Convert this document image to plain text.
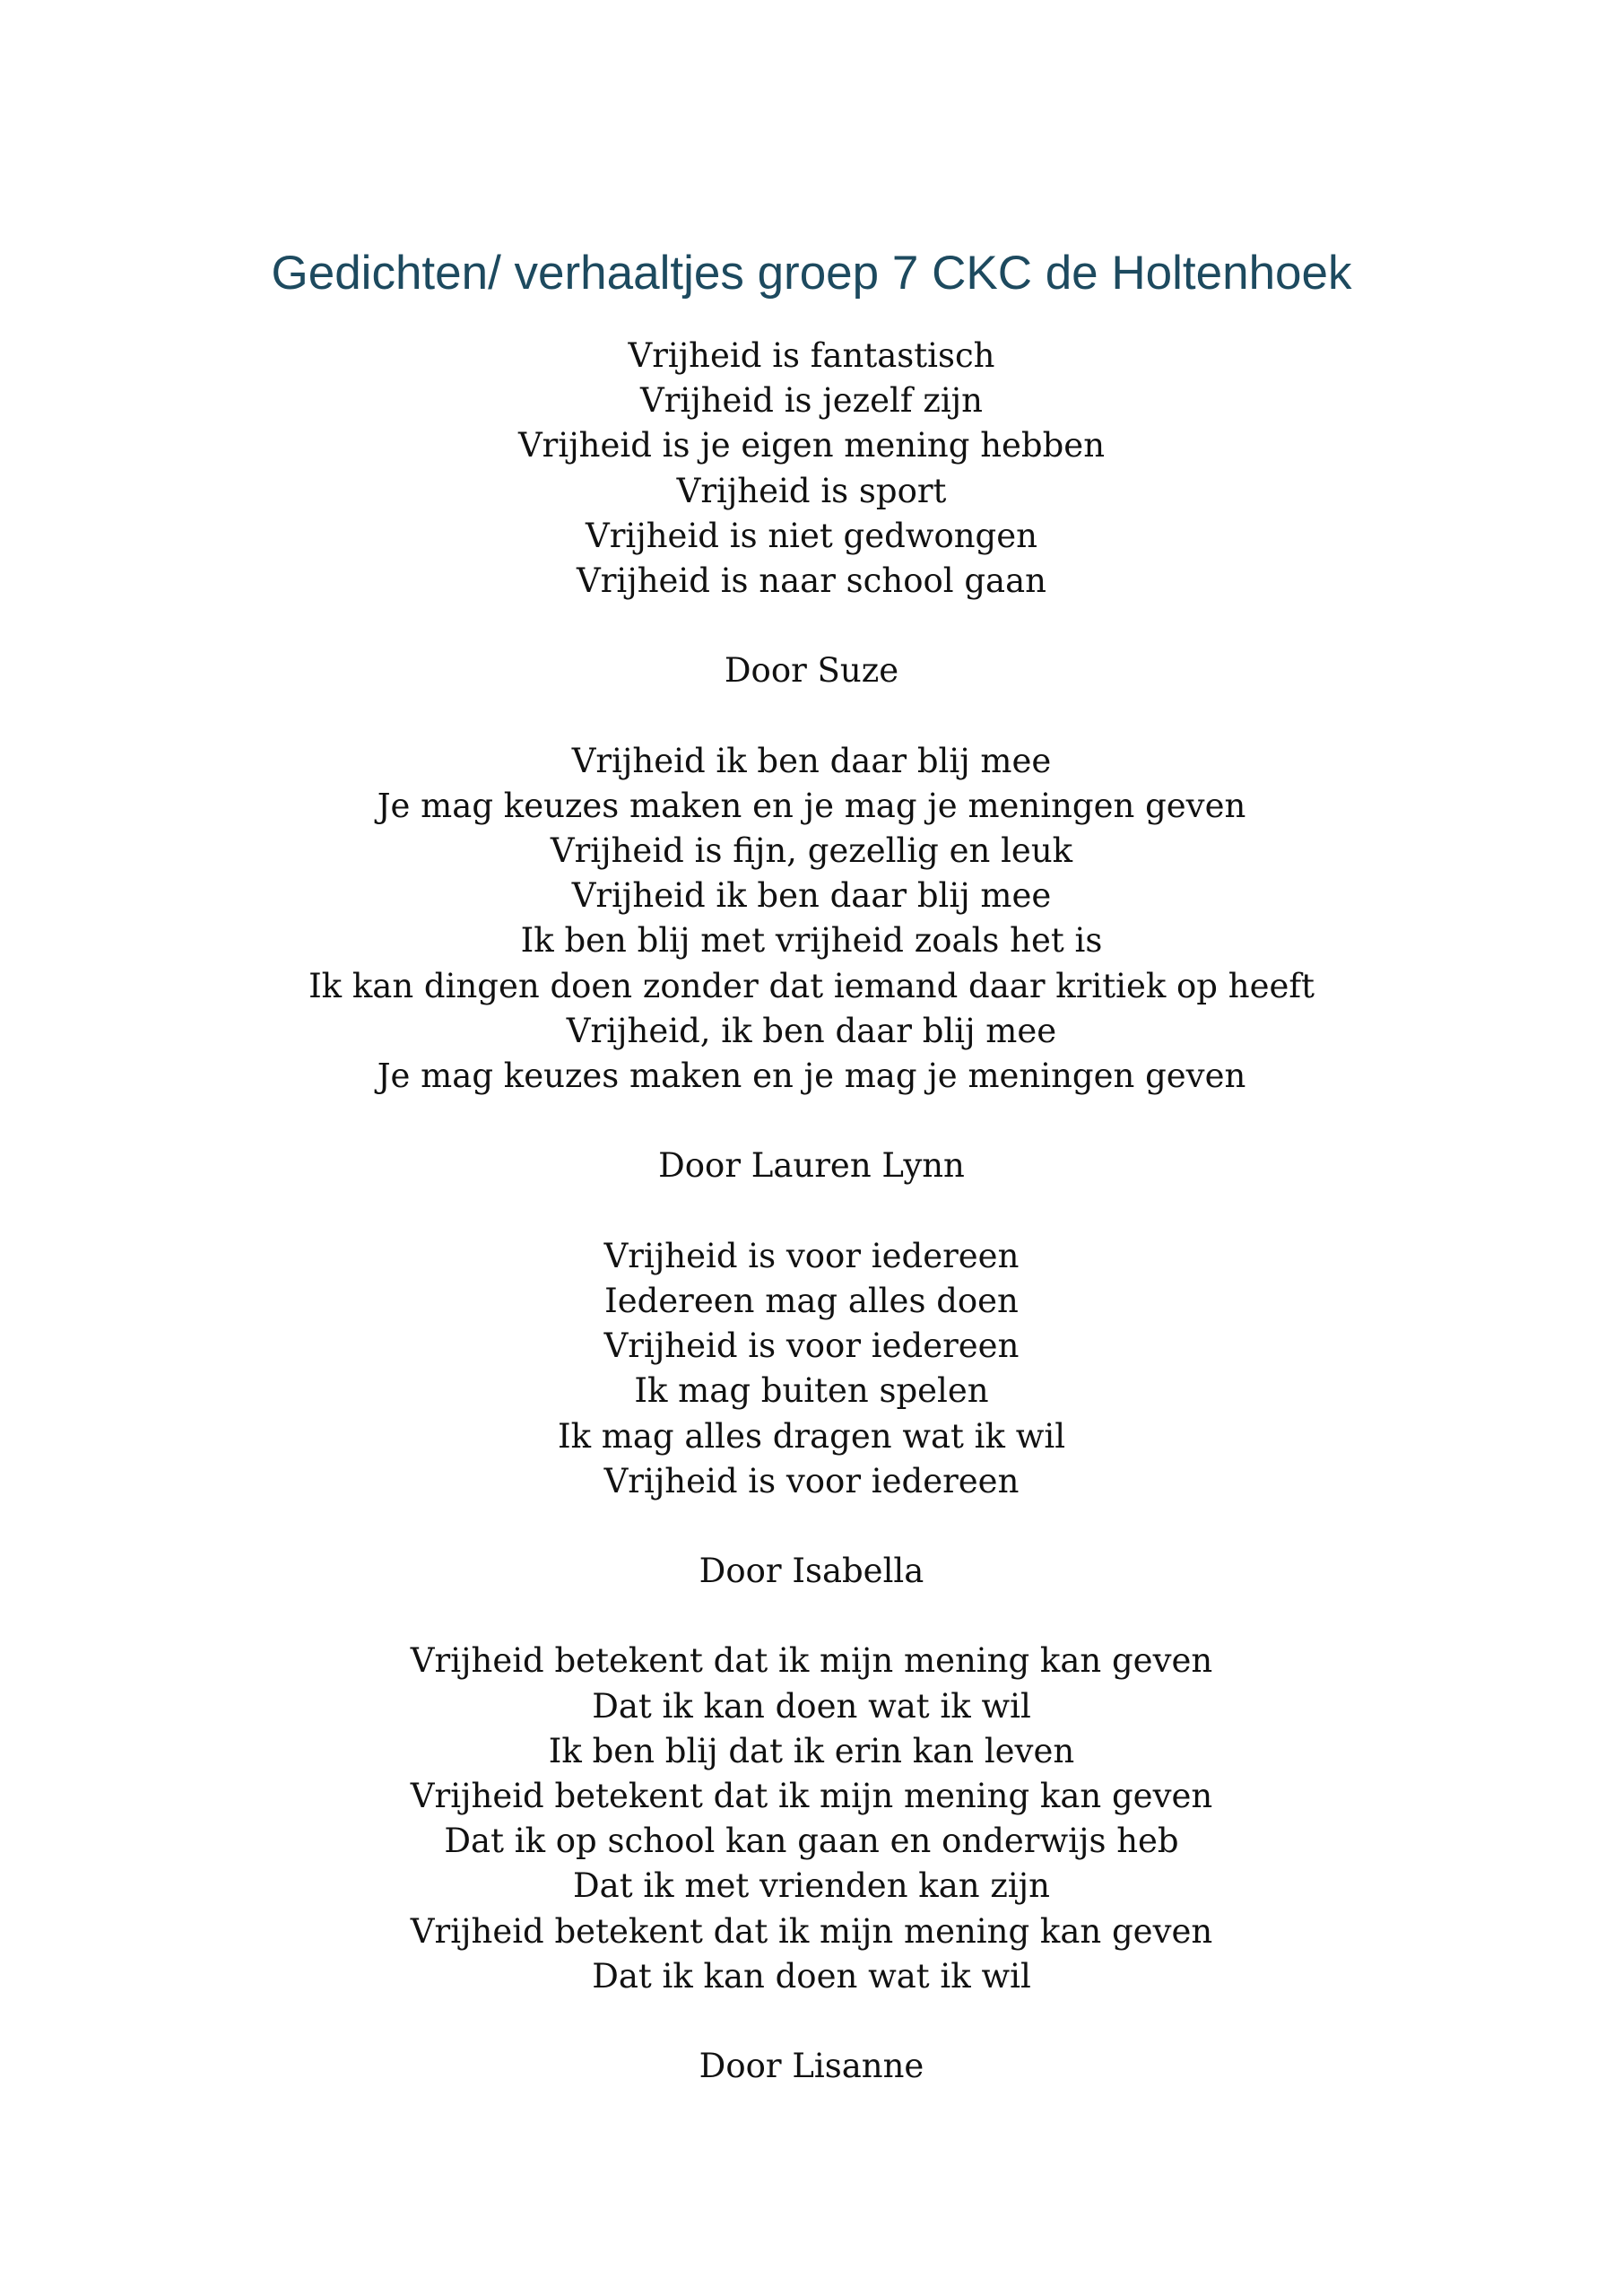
Gedichten/ verhaaltjes groep 7 CKC de Holtenhoek
Vrijheid is fantastisch
Vrijheid is jezelf zijn
Vrijheid is je eigen mening hebben
Vrijheid is sport
Vrijheid is niet gedwongen
Vrijheid is naar school gaan
Door Suze
Vrijheid ik ben daar blij mee
Je mag keuzes maken en je mag je meningen geven
Vrijheid is fijn, gezellig en leuk
Vrijheid ik ben daar blij mee
Ik ben blij met vrijheid zoals het is
Ik kan dingen doen zonder dat iemand daar kritiek op heeft
Vrijheid, ik ben daar blij mee
Je mag keuzes maken en je mag je meningen geven
Door Lauren Lynn
Vrijheid is voor iedereen
Iedereen mag alles doen
Vrijheid is voor iedereen
Ik mag buiten spelen
Ik mag alles dragen wat ik wil
Vrijheid is voor iedereen
Door Isabella
Vrijheid betekent dat ik mijn mening kan geven
Dat ik kan doen wat ik wil
Ik ben blij dat ik erin kan leven
Vrijheid betekent dat ik mijn mening kan geven
Dat ik op school kan gaan en onderwijs heb
Dat ik met vrienden kan zijn
Vrijheid betekent dat ik mijn mening kan geven
Dat ik kan doen wat ik wil
Door Lisanne
